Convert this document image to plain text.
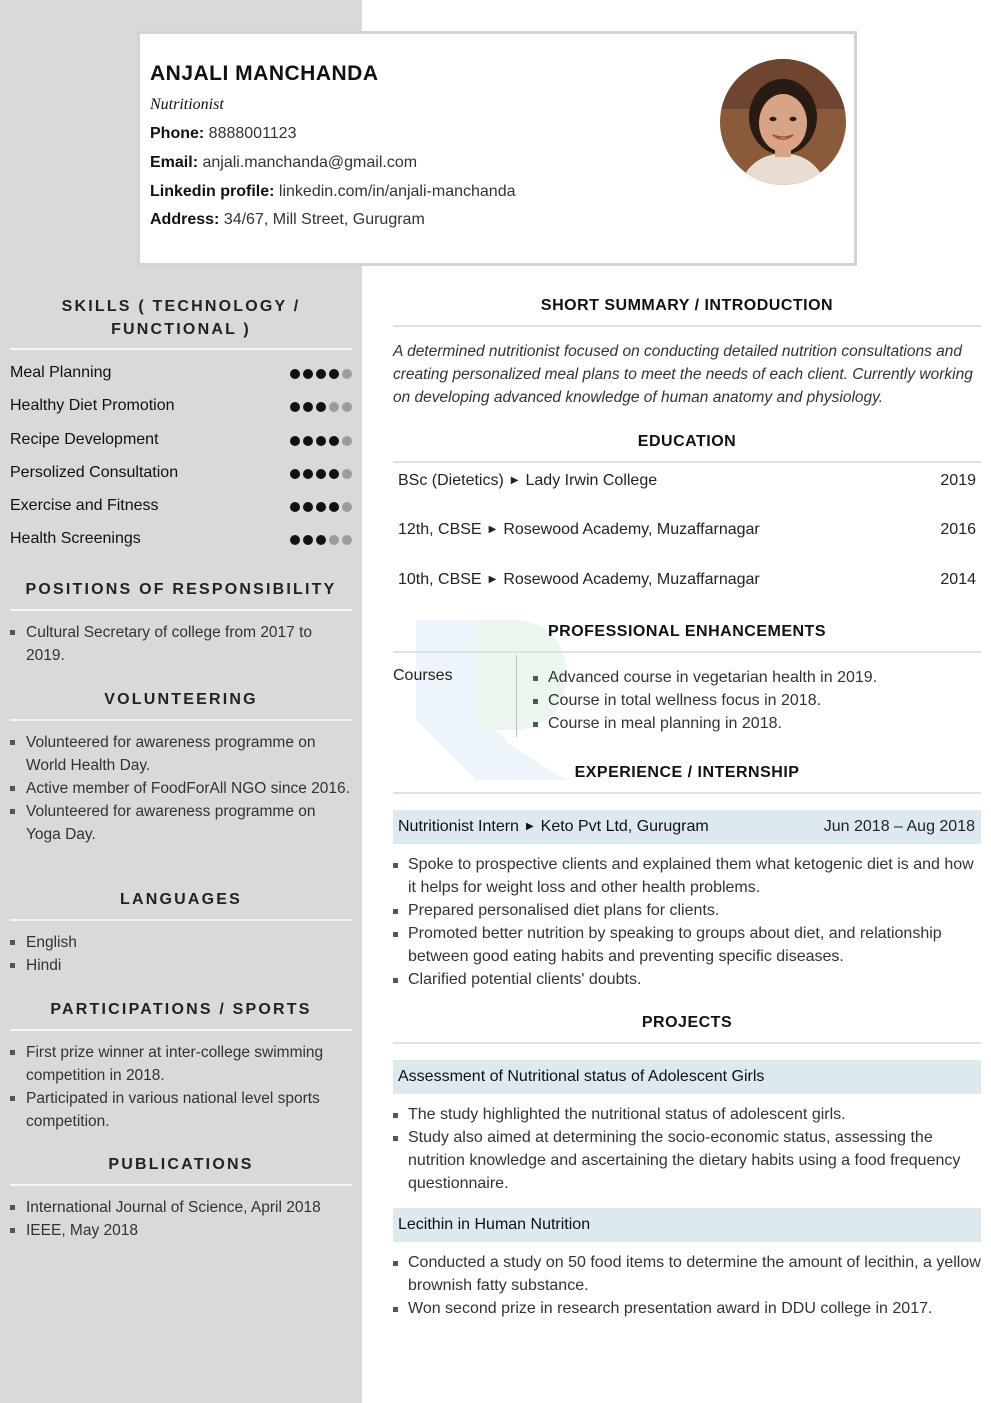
ANJALI MANCHANDA
Nutritionist
Phone: 8888001123
Email: anjali.manchanda@gmail.com
Linkedin profile: linkedin.com/in/anjali-manchanda
Address: 34/67, Mill Street, Gurugram
SKILLS ( TECHNOLOGY /
FUNCTIONAL )
Meal Planning
Healthy Diet Promotion
Recipe Development
Persolized Consultation
Exercise and Fitness
Health Screenings
POSITIONS OF RESPONSIBILITY
Cultural Secretary of college from 2017 to 2019.
VOLUNTEERING
Volunteered for awareness programme on World Health Day.
Active member of FoodForAll NGO since 2016.
Volunteered for awareness programme on Yoga Day.
LANGUAGES
English
Hindi
PARTICIPATIONS / SPORTS
First prize winner at inter-college swimming competition in 2018.
Participated in various national level sports competition.
PUBLICATIONS
International Journal of Science, April 2018
IEEE, May 2018
SHORT SUMMARY / INTRODUCTION
A determined nutritionist focused on conducting detailed nutrition consultations and creating personalized meal plans to meet the needs of each client. Currently working on developing advanced knowledge of human anatomy and physiology.
EDUCATION
BSc (Dietetics) ▶ Lady Irwin College	2019
12th, CBSE ▶ Rosewood Academy, Muzaffarnagar	2016
10th, CBSE ▶ Rosewood Academy, Muzaffarnagar	2014
PROFESSIONAL ENHANCEMENTS
Courses	Advanced course in vegetarian health in 2019.
Course in total wellness focus in 2018.
Course in meal planning in 2018.
EXPERIENCE / INTERNSHIP
Nutritionist Intern ▶ Keto Pvt Ltd, Gurugram	Jun 2018 – Aug 2018
Spoke to prospective clients and explained them what ketogenic diet is and how it helps for weight loss and other health problems.
Prepared personalised diet plans for clients.
Promoted better nutrition by speaking to groups about diet, and relationship between good eating habits and preventing specific diseases.
Clarified potential clients' doubts.
PROJECTS
Assessment of Nutritional status of Adolescent Girls
The study highlighted the nutritional status of adolescent girls.
Study also aimed at determining the socio-economic status, assessing the nutrition knowledge and ascertaining the dietary habits using a food frequency questionnaire.
Lecithin in Human Nutrition
Conducted a study on 50 food items to determine the amount of lecithin, a yellow brownish fatty substance.
Won second prize in research presentation award in DDU college in 2017.
